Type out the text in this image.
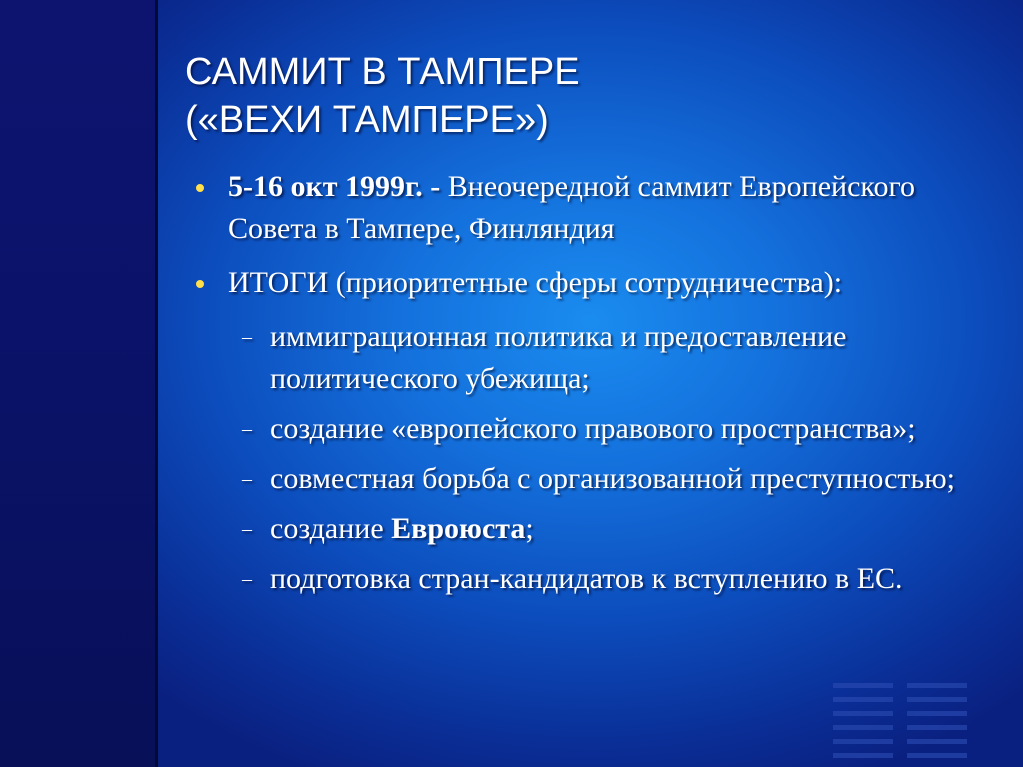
САММИТ В ТАМПЕРЕ
(«ВЕХИ ТАМПЕРЕ»)
5-16 окт 1999г. - Внеочередной саммит Европейского Совета в Тампере, Финляндия
ИТОГИ (приоритетные сферы сотрудничества):
– иммиграционная политика и предоставление политического убежища;
– создание «европейского правового пространства»;
– совместная борьба с организованной преступностью;
– создание Евроюста;
– подготовка стран-кандидатов к вступлению в ЕС.
